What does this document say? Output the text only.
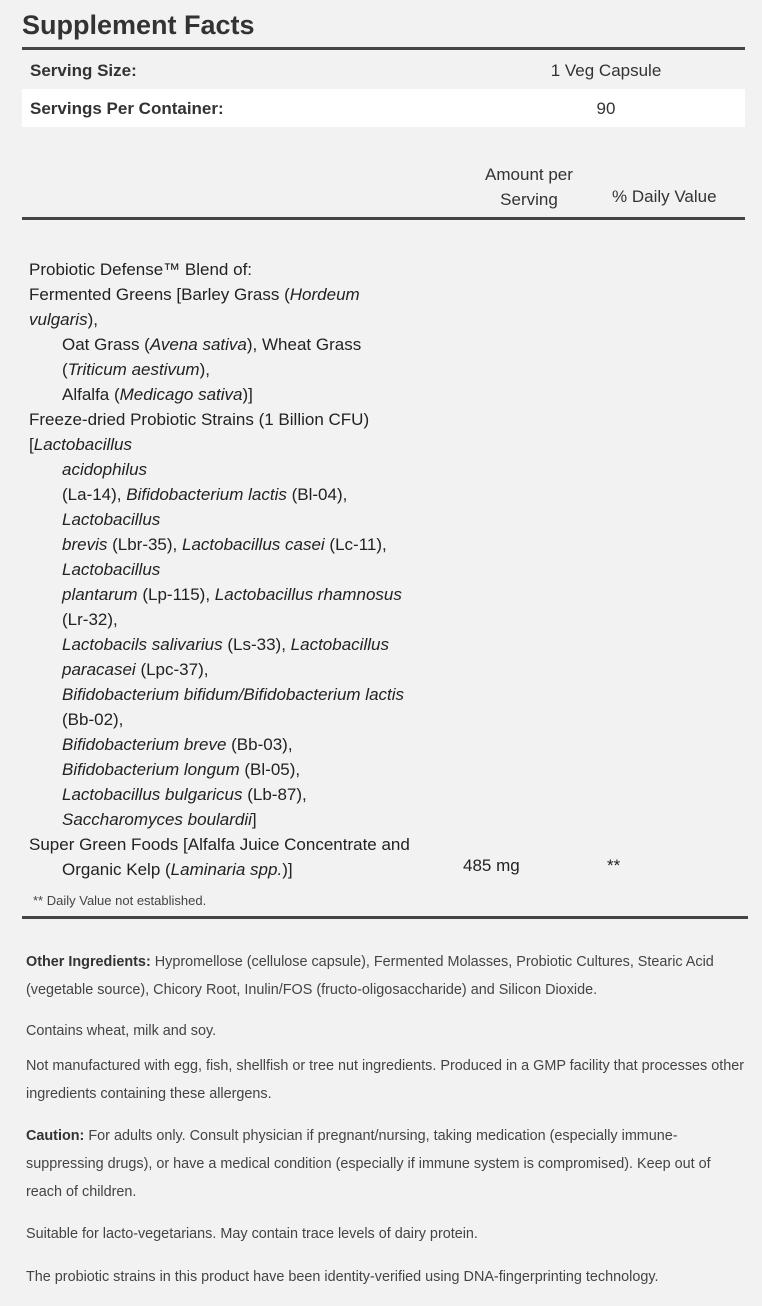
Supplement Facts
Serving Size:	1 Veg Capsule
Servings Per Container:	90
Amount per
Serving	% Daily Value
Probiotic Defense™ Blend of:
Fermented Greens [Barley Grass (Hordeum
vulgaris),
Oat Grass (Avena sativa), Wheat Grass
(Triticum aestivum),
Alfalfa (Medicago sativa)]
Freeze-dried Probiotic Strains (1 Billion CFU)
[Lactobacillus
acidophilus
(La-14), Bifidobacterium lactis (Bl-04),
Lactobacillus
brevis (Lbr-35), Lactobacillus casei (Lc-11),
Lactobacillus
plantarum (Lp-115), Lactobacillus rhamnosus
(Lr-32),
Lactobacils salivarius (Ls-33), Lactobacillus
paracasei (Lpc-37),
Bifidobacterium bifidum/Bifidobacterium lactis
(Bb-02),
Bifidobacterium breve (Bb-03),
Bifidobacterium longum (Bl-05),
Lactobacillus bulgaricus (Lb-87),
Saccharomyces boulardii]
Super Green Foods [Alfalfa Juice Concentrate and
Organic Kelp (Laminaria spp.)]	485 mg	**
** Daily Value not established.
Other Ingredients: Hypromellose (cellulose capsule), Fermented Molasses, Probiotic Cultures, Stearic Acid (vegetable source), Chicory Root, Inulin/FOS (fructo-oligosaccharide) and Silicon Dioxide.
Contains wheat, milk and soy.
Not manufactured with egg, fish, shellfish or tree nut ingredients. Produced in a GMP facility that processes other ingredients containing these allergens.
Caution: For adults only. Consult physician if pregnant/nursing, taking medication (especially immune-suppressing drugs), or have a medical condition (especially if immune system is compromised). Keep out of reach of children.
Suitable for lacto-vegetarians. May contain trace levels of dairy protein.
The probiotic strains in this product have been identity-verified using DNA-fingerprinting technology.
